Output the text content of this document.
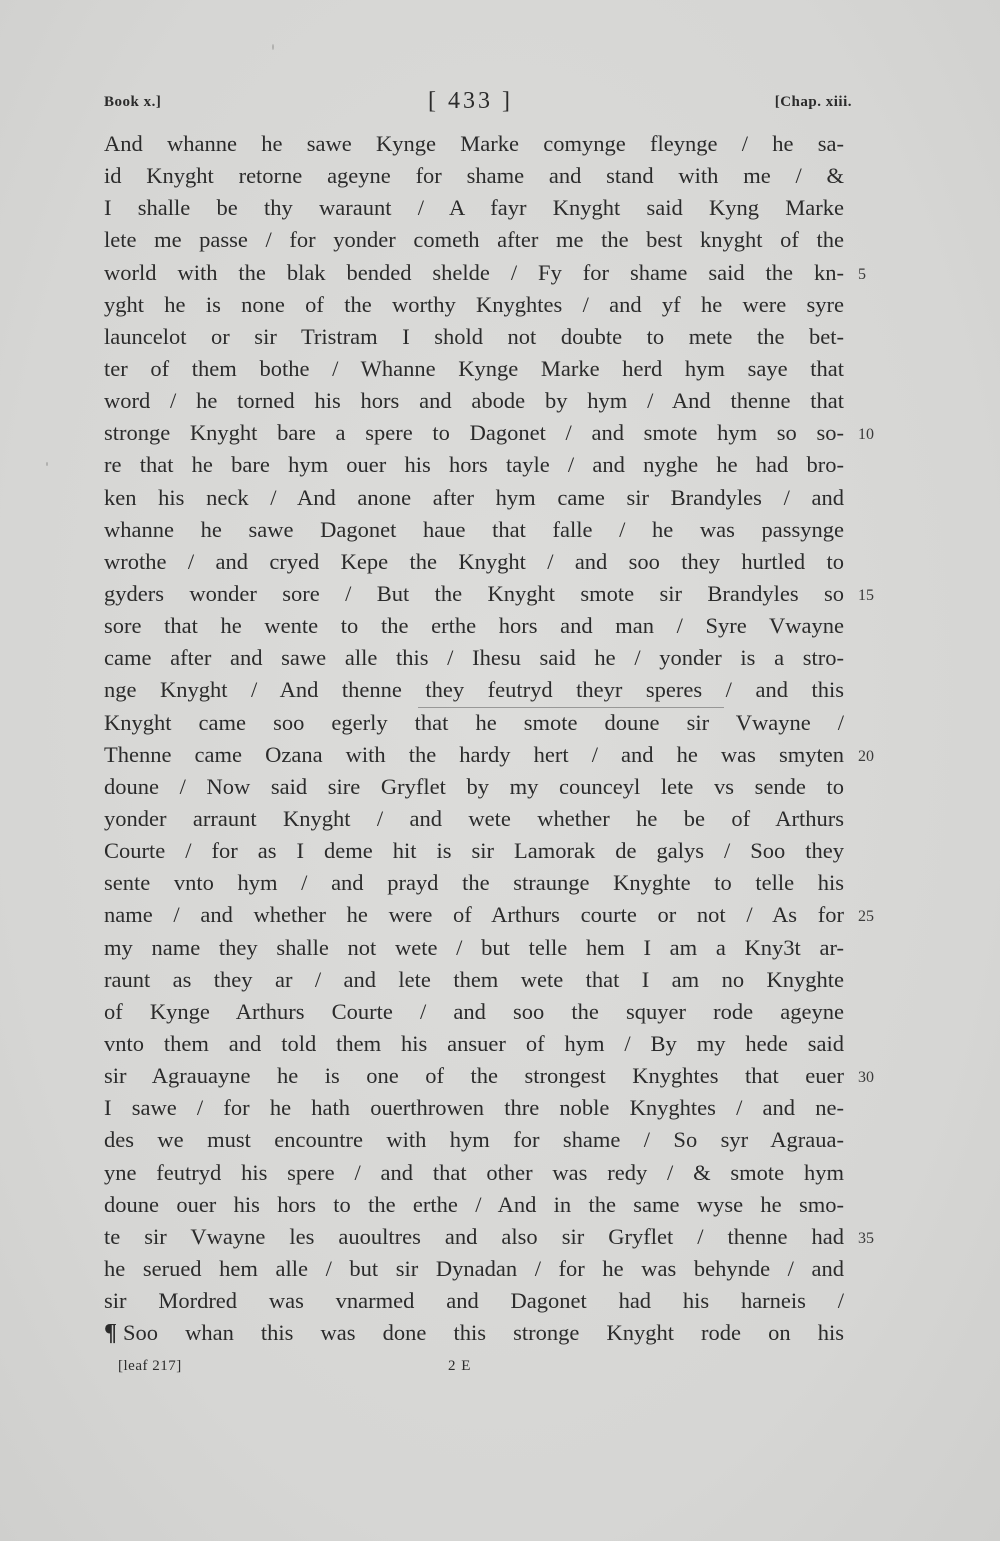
Book x.]	[ 433 ]	[Chap. xiii.
And whanne he sawe Kynge Marke comynge fleynge / he sa-
id Knyght retorne ageyne for shame and stand with me / &
I shalle be thy waraunt / A fayr Knyght said Kyng Marke
lete me passe / for yonder cometh after me the best knyght of the
world with the blak bended shelde / Fy for shame said the kn- 5
yght he is none of the worthy Knyghtes / and yf he were syre
launcelot or sir Tristram I shold not doubte to mete the bet-
ter of them bothe / Whanne Kynge Marke herd hym saye that
word / he torned his hors and abode by hym / And thenne that
stronge Knyght bare a spere to Dagonet / and smote hym so so- 10
re that he bare hym ouer his hors tayle / and nyghe he had bro-
ken his neck / And anone after hym came sir Brandyles / and
whanne he sawe Dagonet haue that falle / he was passynge
wrothe / and cryed Kepe the Knyght / and soo they hurtled to
gyders wonder sore / But the Knyght smote sir Brandyles so 15
sore that he wente to the erthe hors and man / Syre Vwayne
came after and sawe alle this / Ihesu said he / yonder is a stro-
nge Knyght / And thenne they feutryd theyr speres / and this
Knyght came soo egerly that he smote doune sir Vwayne /
Thenne came Ozana with the hardy hert / and he was smyten 20
doune / Now said sire Gryflet by my counceyl lete vs sende to
yonder arraunt Knyght / and wete whether he be of Arthurs
Courte / for as I deme hit is sir Lamorak de galys / Soo they
sente vnto hym / and prayd the straunge Knyghte to telle his
name / and whether he were of Arthurs courte or not / As for 25
my name they shalle not wete / but telle hem I am a Kny3t ar-
raunt as they ar / and lete them wete that I am no Knyghte
of Kynge Arthurs Courte / and soo the squyer rode ageyne
vnto them and told them his ansuer of hym / By my hede said
sir Agrauayne he is one of the strongest Knyghtes that euer 30
I sawe / for he hath ouerthrowen thre noble Knyghtes / and ne-
des we must encountre with hym for shame / So syr Agraua-
yne feutryd his spere / and that other was redy / & smote hym
doune ouer his hors to the erthe / And in the same wyse he smo-
te sir Vwayne les auoultres and also sir Gryflet / thenne had 35
he serued hem alle / but sir Dynadan / for he was behynde / and
sir Mordred was vnarmed and Dagonet had his harneis /
¶ Soo whan this was done this stronge Knyght rode on his
[leaf 217]	2 E
